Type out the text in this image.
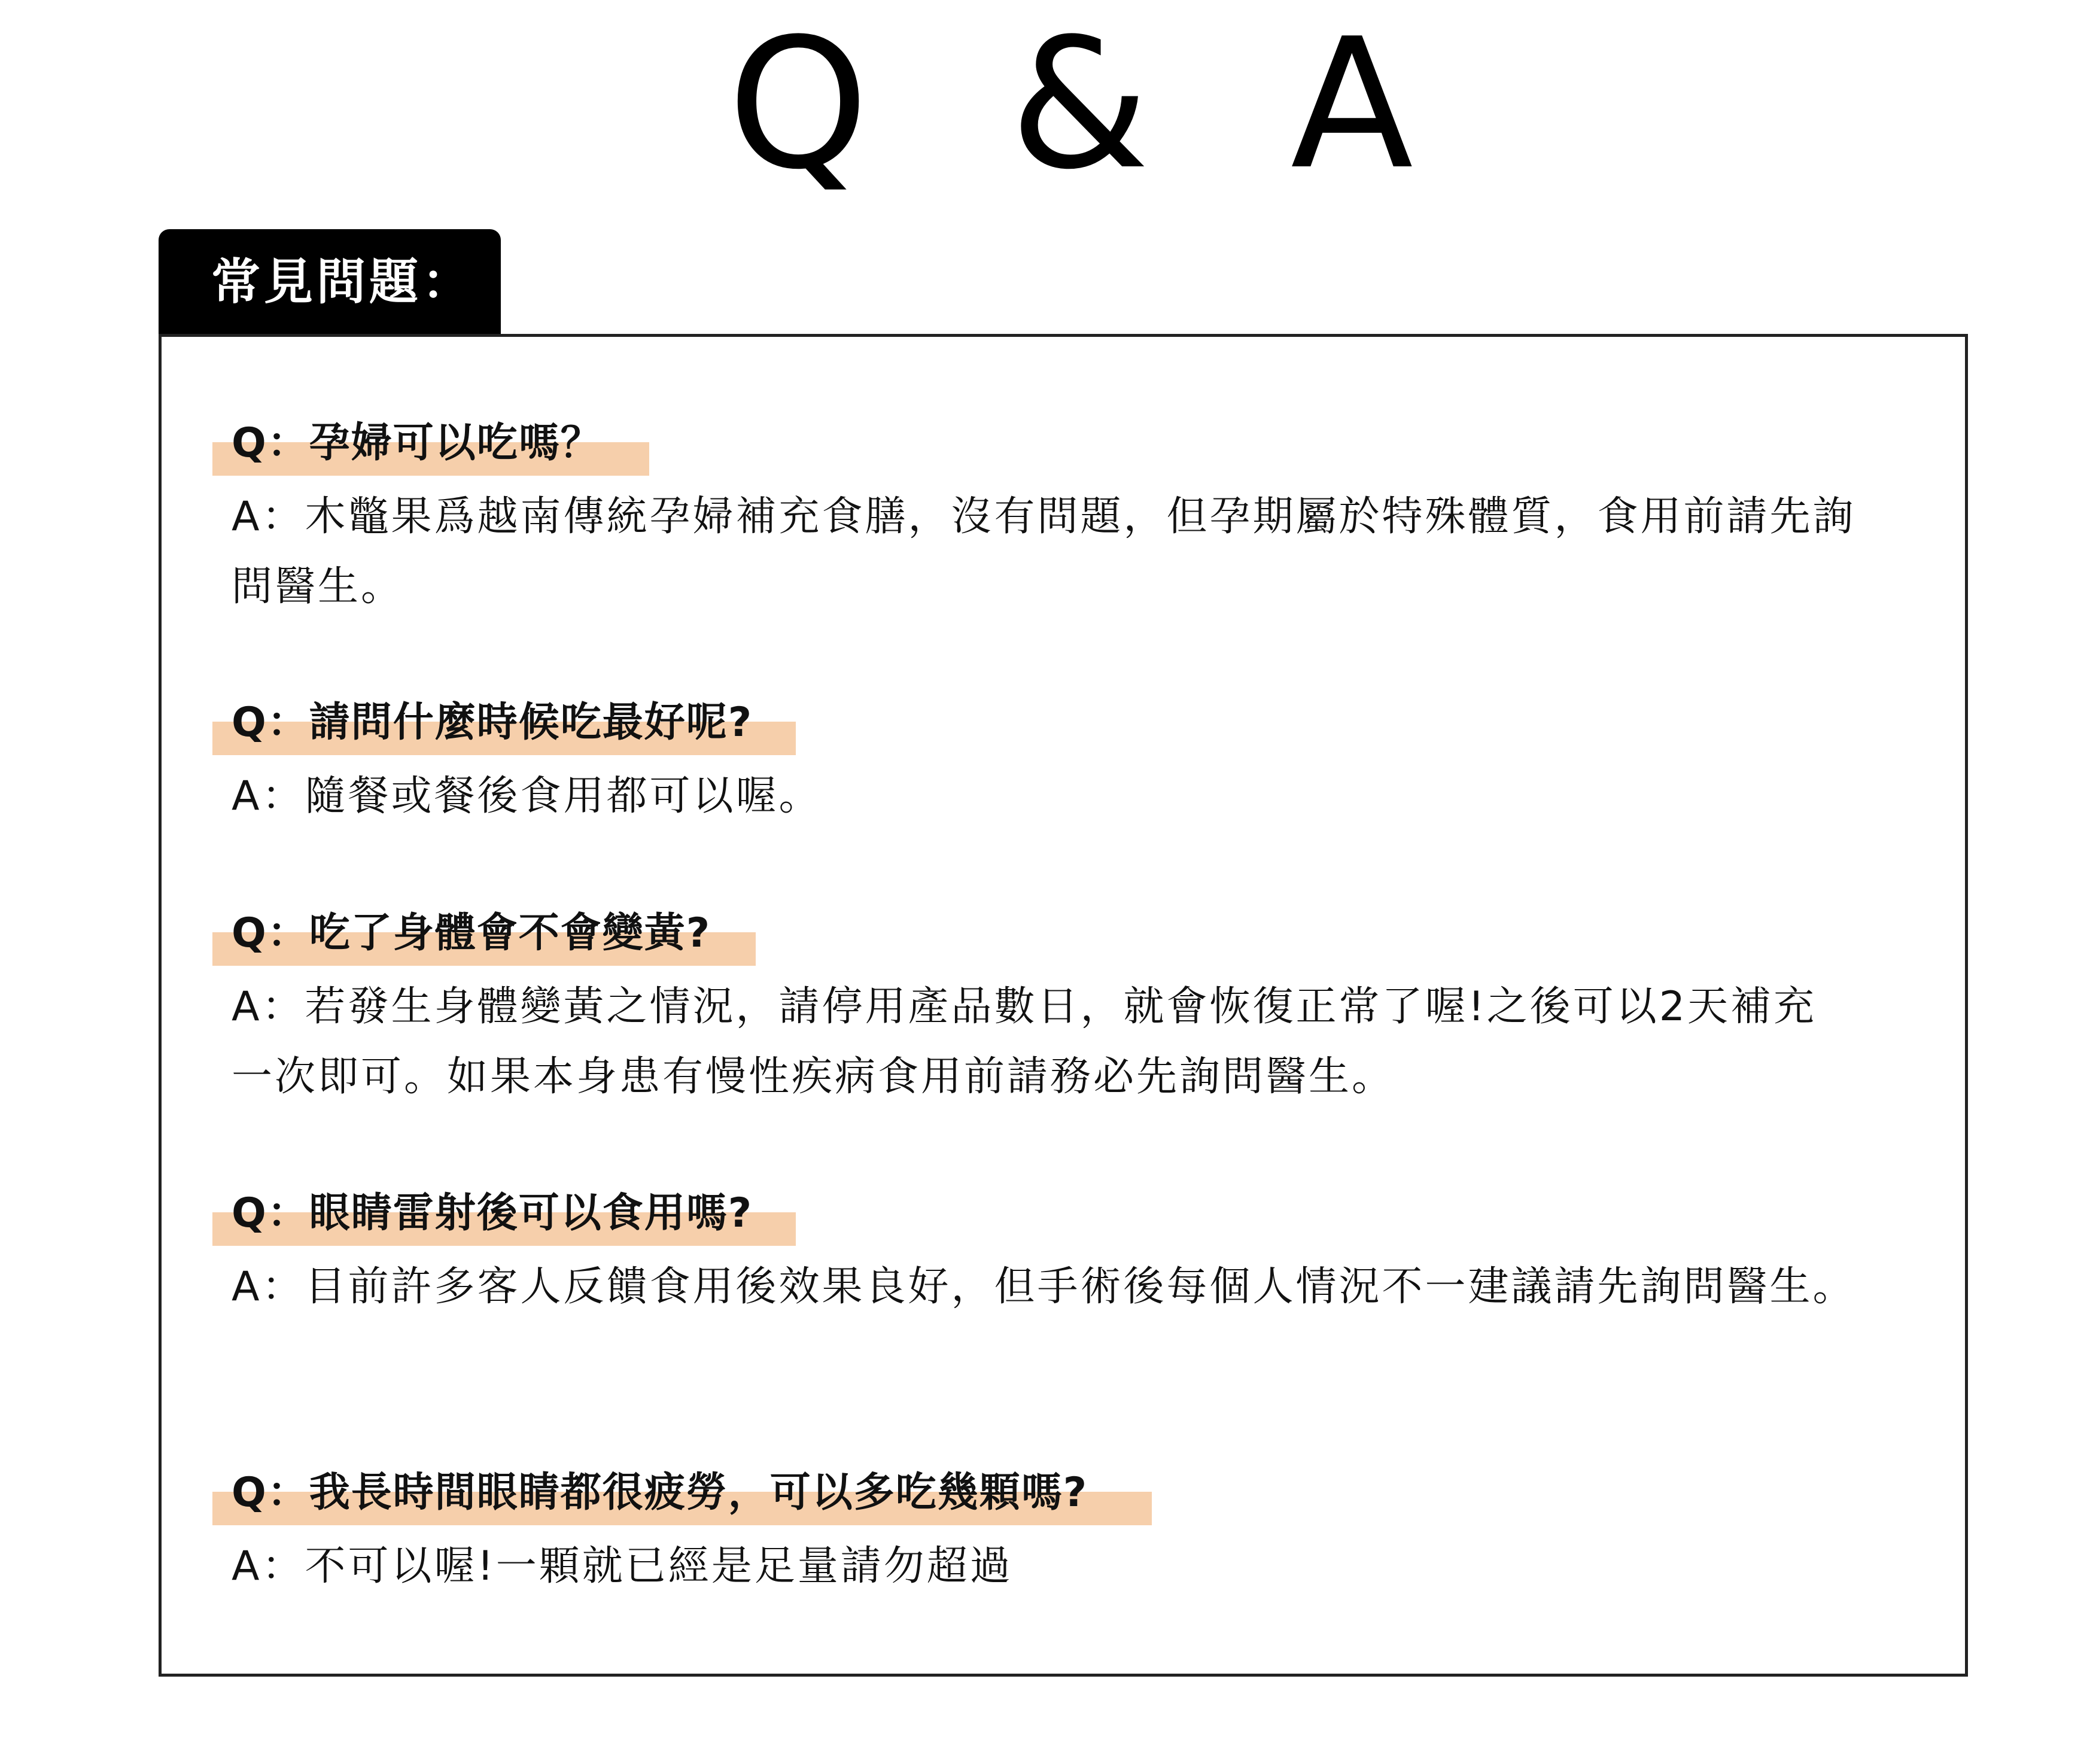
Q & A
常見問題：
Q：孕婦可以吃嗎？
A：木鼈果爲越南傳統孕婦補充食膳，沒有問題，但孕期屬於特殊體質，食用前請先詢問醫生。
Q：請問什麼時候吃最好呢?
A：隨餐或餐後食用都可以喔。
Q：吃了身體會不會變黃?
A：若發生身體變黃之情況，請停用產品數日，就會恢復正常了喔!之後可以2天補充一次即可。如果本身患有慢性疾病食用前請務必先詢問醫生。
Q：眼睛雷射後可以食用嗎?
A：目前許多客人反饋食用後效果良好，但手術後每個人情況不一建議請先詢問醫生。
Q：我長時間眼睛都很疲勞，可以多吃幾顆嗎?
A：不可以喔!一顆就已經是足量請勿超過
